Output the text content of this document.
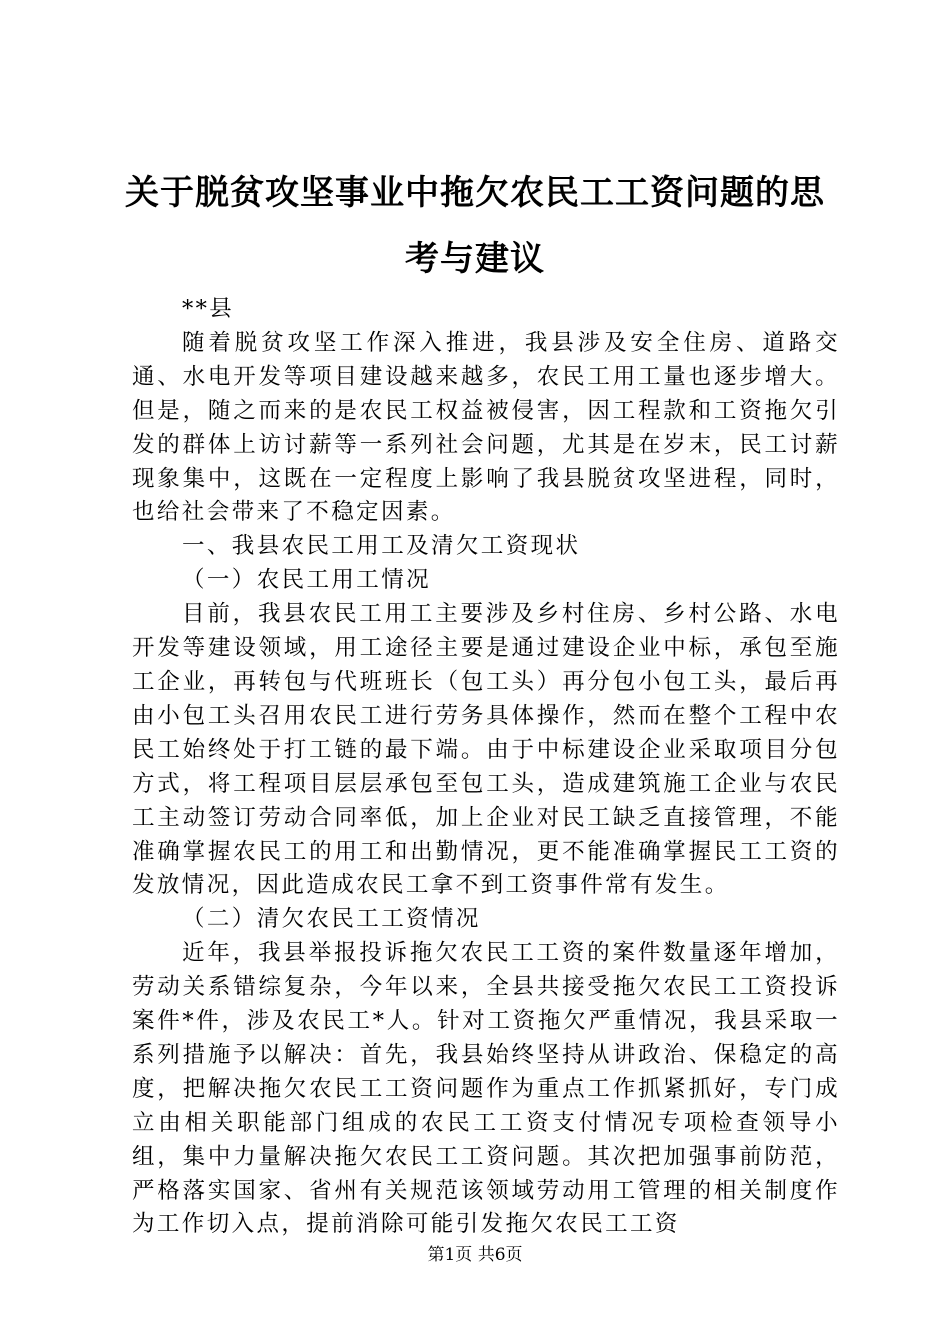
关于脱贫攻坚事业中拖欠农民工工资问题的思
考与建议

**县

随着脱贫攻坚工作深入推进，我县涉及安全住房、道路交通、水电开发等项目建设越来越多，农民工用工量也逐步增大。但是，随之而来的是农民工权益被侵害，因工程款和工资拖欠引发的群体上访讨薪等一系列社会问题，尤其是在岁末，民工讨薪现象集中，这既在一定程度上影响了我县脱贫攻坚进程，同时，也给社会带来了不稳定因素。

一、我县农民工用工及清欠工资现状

（一）农民工用工情况

目前，我县农民工用工主要涉及乡村住房、乡村公路、水电开发等建设领域，用工途径主要是通过建设企业中标，承包至施工企业，再转包与代班班长（包工头）再分包小包工头，最后再由小包工头召用农民工进行劳务具体操作，然而在整个工程中农民工始终处于打工链的最下端。由于中标建设企业采取项目分包方式，将工程项目层层承包至包工头，造成建筑施工企业与农民工主动签订劳动合同率低，加上企业对民工缺乏直接管理，不能准确掌握农民工的用工和出勤情况，更不能准确掌握民工工资的发放情况，因此造成农民工拿不到工资事件常有发生。

（二）清欠农民工工资情况

近年，我县举报投诉拖欠农民工工资的案件数量逐年增加，劳动关系错综复杂，今年以来，全县共接受拖欠农民工工资投诉案件*件，涉及农民工*人。针对工资拖欠严重情况，我县采取一系列措施予以解决：首先，我县始终坚持从讲政治、保稳定的高度，把解决拖欠农民工工资问题作为重点工作抓紧抓好，专门成立由相关职能部门组成的农民工工资支付情况专项检查领导小组，集中力量解决拖欠农民工工资问题。其次把加强事前防范，严格落实国家、省州有关规范该领域劳动用工管理的相关制度作为工作切入点，提前消除可能引发拖欠农民工工资

第1页 共6页
